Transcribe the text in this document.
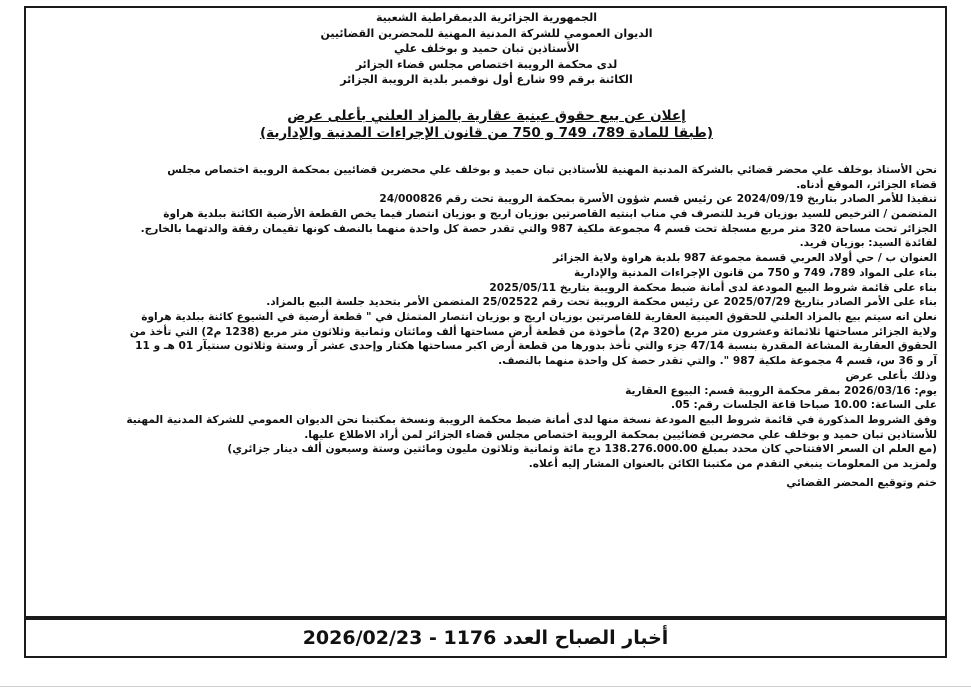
الجمهورية الجزائرية الديمقراطية الشعبية
الديوان العمومي للشركة المدنية المهنية للمحضرين القضائيين
الأستاذين تبان حميد و بوخلف علي
لدى محكمة الرويبة اختصاص مجلس قضاء الجزائر
الكائنة برقم 99 شارع أول نوفمبر بلدية الرويبة الجزائر
إعلان عن بيع حقوق عينية عقارية بالمزاد العلني بأعلى عرض
(طبقا للمادة 789، 749 و 750 من قانون الإجراءات المدنية والإدارية)

نحن الأستاذ بوخلف علي محضر قضائي بالشركة المدنية المهنية للأستاذين تبان حميد و بوخلف علي محضرين قضائيين بمحكمة الرويبة اختصاص مجلس

قضاء الجزائر، الموقع أدناه.

تنفيذا للأمر الصادر بتاريخ 2024/09/19 عن رئيس قسم شؤون الأسرة بمحكمة الرويبة تحت رقم 24/000826

المتضمن / الترخيص للسيد بوزيان فريد للتصرف في مناب ابنتيه القاصرتين بوزيان اريج و بوزيان انتصار فيما يخص القطعة الأرضية الكائنة ببلدية هراوة

الجزائر تحت مساحة 320 متر مربع مسجلة تحت قسم 4 مجموعة ملكية 987 والتي تقدر حصة كل واحدة منهما بالنصف كونها تقيمان رفقة والدتهما بالخارج.

لفائدة السيد: بوزيان فريد.

العنوان ب / حي أولاد العربي قسمة مجموعة 987 بلدية هراوة ولاية الجزائر

بناء على المواد 789، 749 و 750 من قانون الإجراءات المدنية والإدارية

بناء على قائمة شروط البيع المودعة لدى أمانة ضبط محكمة الرويبة بتاريخ 2025/05/11

بناء على الأمر الصادر بتاريخ 2025/07/29 عن رئيس محكمة الرويبة تحت رقم 25/02522 المتضمن الأمر بتحديد جلسة البيع بالمزاد.

نعلن انه سيتم بيع بالمزاد العلني للحقوق العينية العقارية للقاصرتين بوزيان اريج و بوزيان انتصار المتمثل في " قطعة أرضية في الشيوع كائنة ببلدية هراوة

ولاية الجزائر مساحتها ثلاثمائة وعشرون متر مربع (320 م2) مأخوذة من قطعة أرض مساحتها ألف ومائتان وثمانية وثلاثون متر مربع (1238 م2) التي تأخذ من

الحقوق العقارية المشاعة المقدرة بنسبة 47/14 جزء والتي تأخذ بدورها من قطعة أرض اكبر مساحتها هكتار وإحدى عشر آر وستة وثلاثون سنتيآر 01 هـ و 11

آر و 36 س، قسم 4 مجموعة ملكية 987 ". والتي تقدر حصة كل واحدة منهما بالنصف.

وذلك بأعلى عرض

يوم: 2026/03/16 بمقر محكمة الرويبة قسم: البيوع العقارية

على الساعة: 10.00 صباحا قاعة الجلسات رقم: 05.

وفق الشروط المذكورة في قائمة شروط البيع المودعة نسخة منها لدى أمانة ضبط محكمة الرويبة ونسخة بمكتبنا نحن الديوان العمومي للشركة المدنية المهنية

للأستاذين تبان حميد و بوخلف علي محضرين قضائيين بمحكمة الرويبة اختصاص مجلس قضاء الجزائر لمن أراد الاطلاع عليها.

(مع العلم ان السعر الافتتاحي كان محدد بمبلغ 138.276.000.00 دج مائة وثمانية وثلاثون مليون ومائتين وستة وسبعون ألف دينار جزائري)

ولمزيد من المعلومات ينبغي التقدم من مكتبنا الكائن بالعنوان المشار إليه أعلاه.

ختم وتوقيع المحضر القضائي

أخبار الصباح العدد 1176 - 2026/02/23
